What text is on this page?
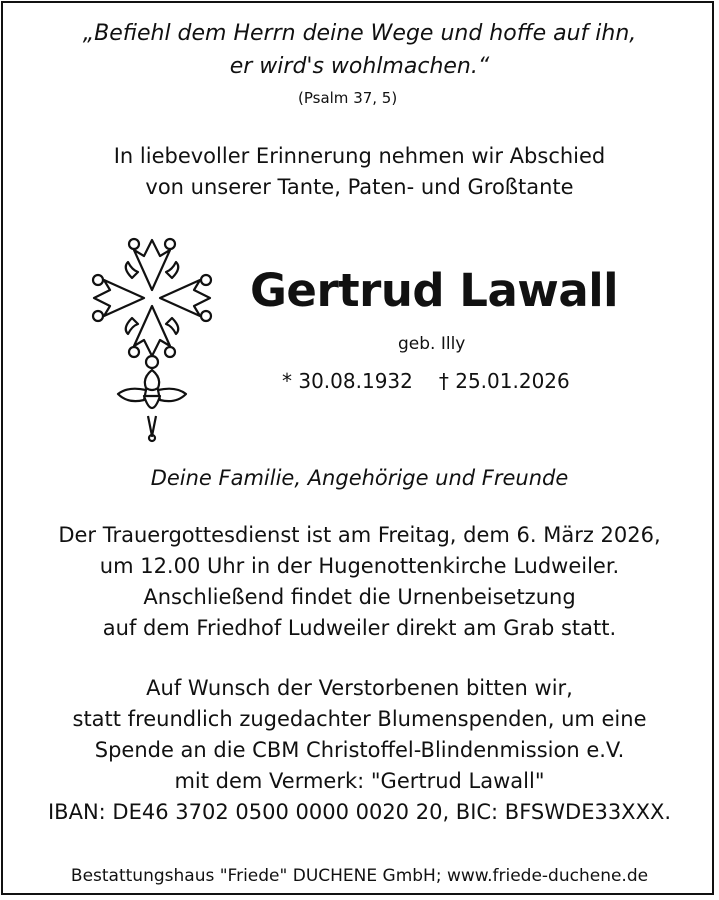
„Befiehl dem Herrn deine Wege und hoffe auf ihn,
er wird's wohlmachen.“
(Psalm 37, 5)
In liebevoller Erinnerung nehmen wir Abschied
von unserer Tante, Paten- und Großtante
Gertrud Lawall
geb. Illy
* 30.08.1932 † 25.01.2026
Deine Familie, Angehörige und Freunde
Der Trauergottesdienst ist am Freitag, dem 6. März 2026,
um 12.00 Uhr in der Hugenottenkirche Ludweiler.
Anschließend findet die Urnenbeisetzung
auf dem Friedhof Ludweiler direkt am Grab statt.
Auf Wunsch der Verstorbenen bitten wir,
statt freundlich zugedachter Blumenspenden, um eine
Spende an die CBM Christoffel-Blindenmission e.V.
mit dem Vermerk: "Gertrud Lawall"
IBAN: DE46 3702 0500 0000 0020 20, BIC: BFSWDE33XXX.
Bestattungshaus "Friede" DUCHENE GmbH; www.friede-duchene.de
